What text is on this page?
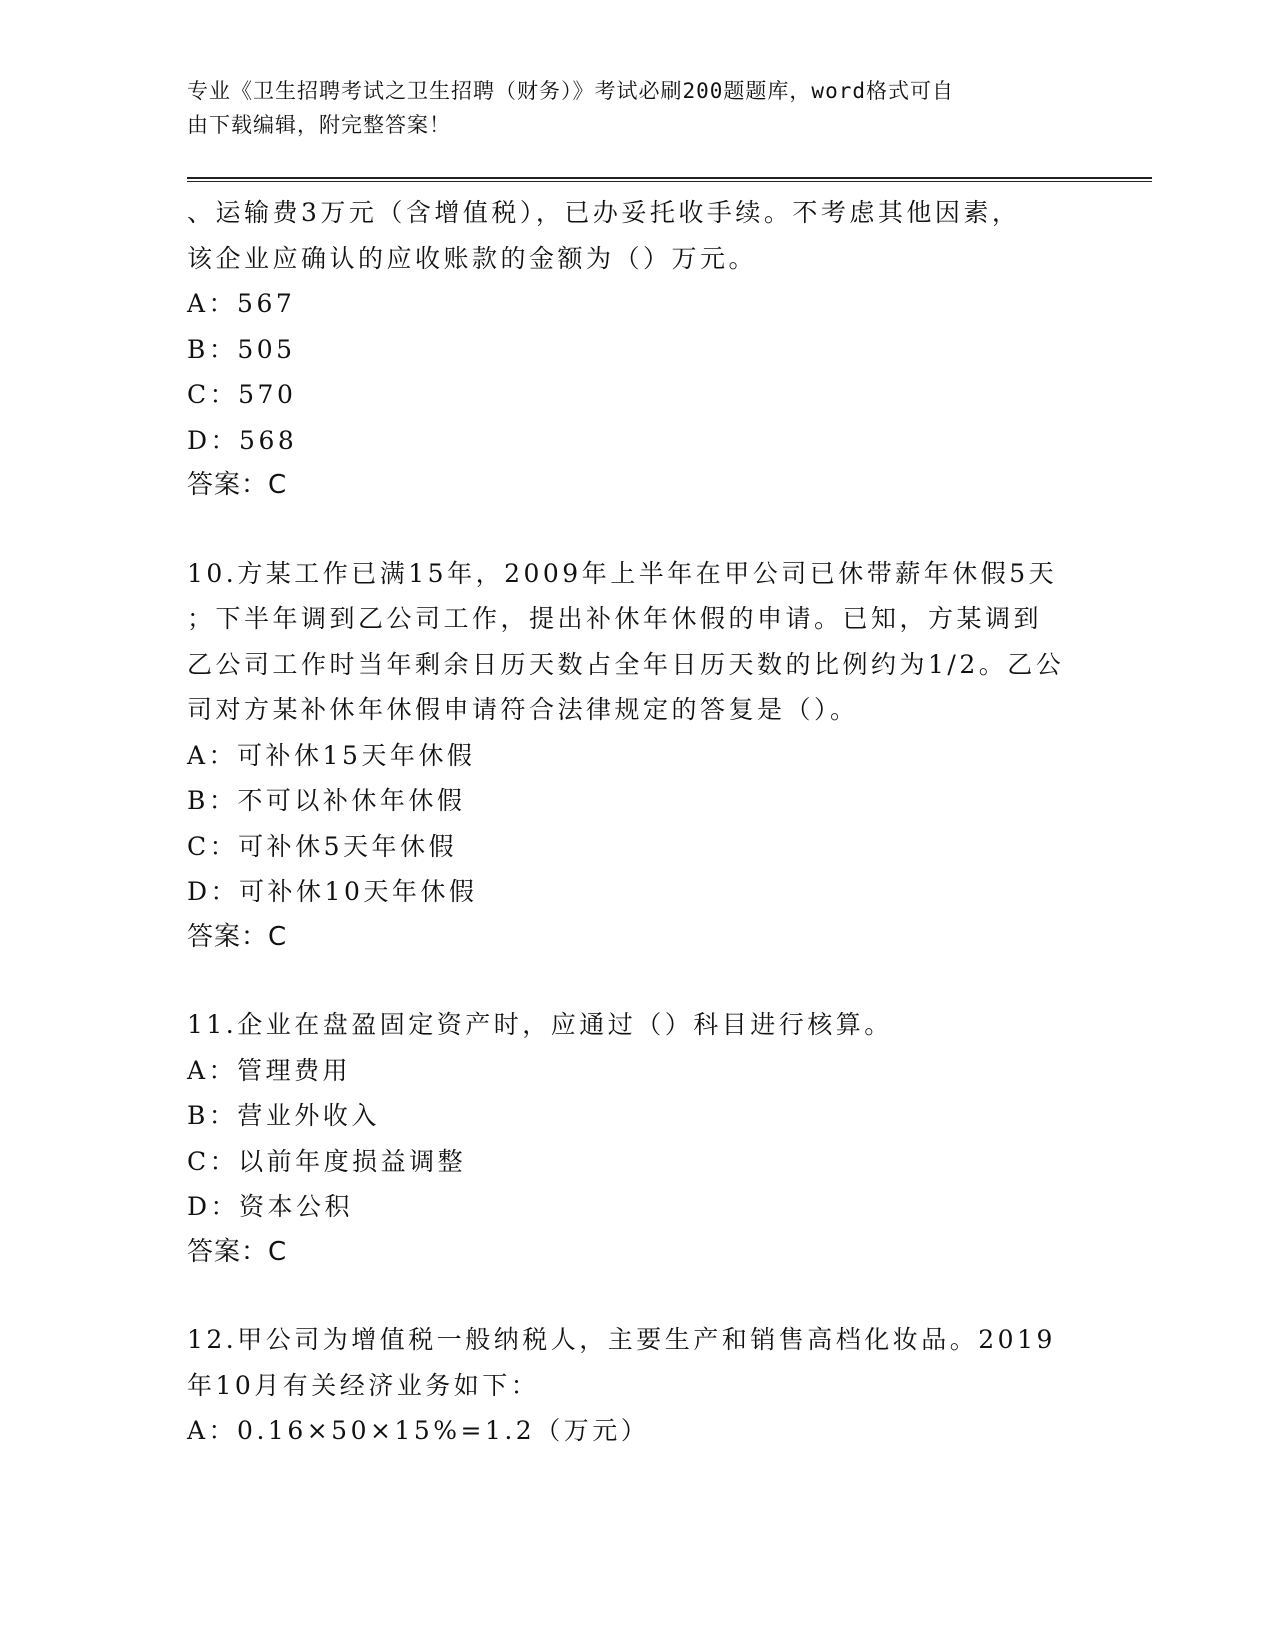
专业《卫生招聘考试之卫生招聘（财务）》考试必刷200题题库，word格式可自
由下载编辑，附完整答案！
、运输费3万元（含增值税），已办妥托收手续。不考虑其他因素，
该企业应确认的应收账款的金额为（）万元。
A：567
B：505
C：570
D：568
答案：C
10.方某工作已满15年，2009年上半年在甲公司已休带薪年休假5天
；下半年调到乙公司工作，提出补休年休假的申请。已知，方某调到
乙公司工作时当年剩余日历天数占全年日历天数的比例约为1/2。乙公
司对方某补休年休假申请符合法律规定的答复是（）。
A：可补休15天年休假
B：不可以补休年休假
C：可补休5天年休假
D：可补休10天年休假
答案：C
11.企业在盘盈固定资产时，应通过（）科目进行核算。
A：管理费用
B：营业外收入
C：以前年度损益调整
D：资本公积
答案：C
12.甲公司为增值税一般纳税人，主要生产和销售高档化妆品。2019
年10月有关经济业务如下：
A：0.16×50×15%=1.2（万元）
